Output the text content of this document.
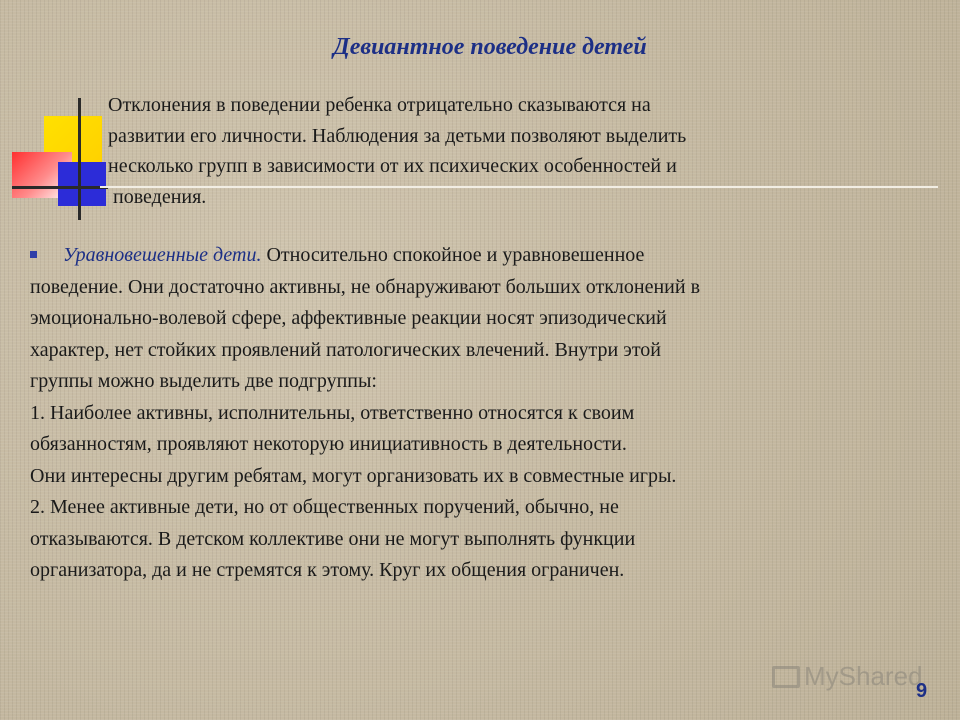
Девиантное поведение детей
Отклонения в поведении ребенка отрицательно сказываются на
развитии его личности. Наблюдения за детьми позволяют выделить
несколько групп в зависимости от их психических особенностей и
поведения.
Уравновешенные дети. Относительно спокойное и уравновешенное
поведение. Они достаточно активны, не обнаруживают больших отклонений в
эмоционально-волевой сфере, аффективные реакции носят эпизодический
характер, нет стойких проявлений патологических влечений. Внутри этой
группы можно выделить две подгруппы:
1. Наиболее активны, исполнительны, ответственно относятся к своим
обязанностям, проявляют некоторую инициативность в деятельности.
Они интересны другим ребятам, могут организовать их в совместные игры.
2. Менее активные дети, но от общественных поручений, обычно, не
отказываются. В детском коллективе они не могут выполнять функции
организатора, да и не стремятся к этому. Круг их общения ограничен.
MyShared
9
